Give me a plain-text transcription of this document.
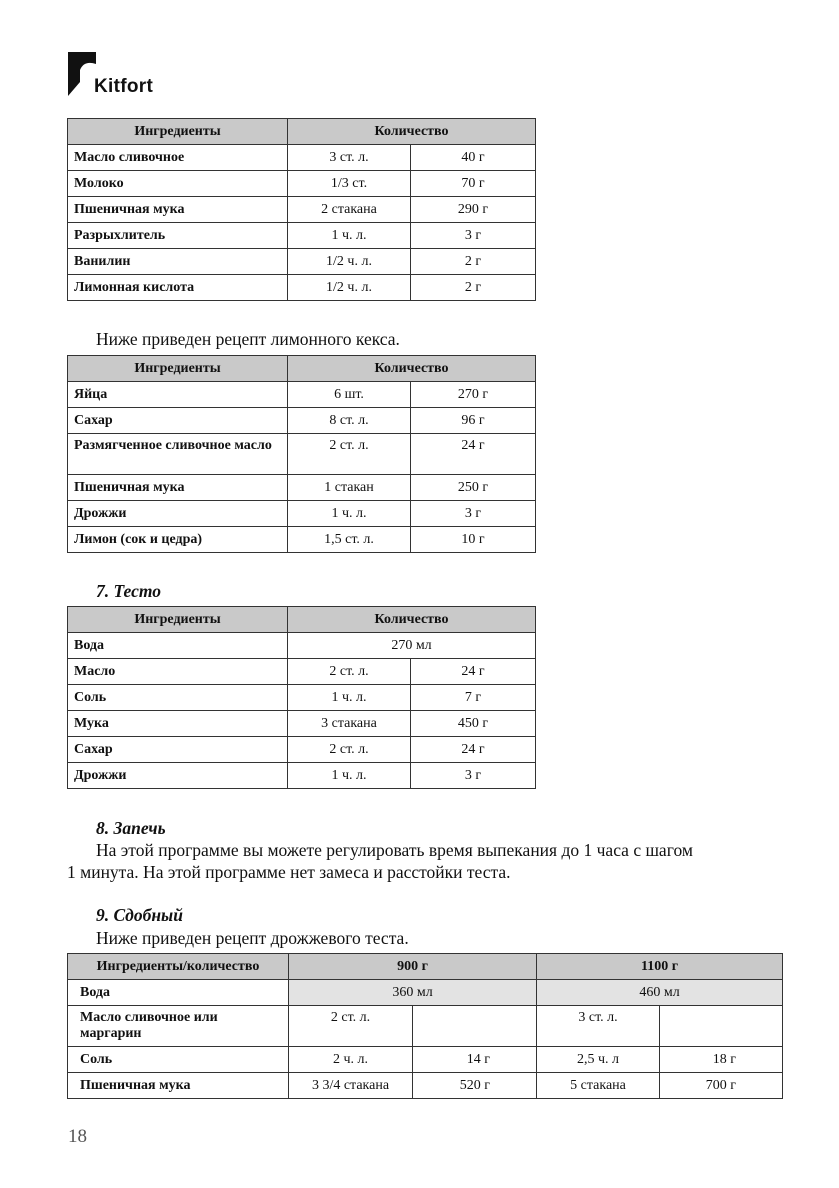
Kitfort
Ингредиенты	Количество	
Масло сливочное	3 ст. л.	40 г
Молоко	1/3 ст.	70 г
Пшеничная мука	2 стакана	290 г
Разрыхлитель	1 ч. л.	3 г
Ванилин	1/2 ч. л.	2 г
Лимонная кислота	1/2 ч. л.	2 г
Ниже приведен рецепт лимонного кекса.
Ингредиенты	Количество	
Яйца	6 шт.	270 г
Сахар	8 ст. л.	96 г
Размягченное сливочное масло	2 ст. л.	24 г
Пшеничная мука	1 стакан	250 г
Дрожжи	1 ч. л.	3 г
Лимон (сок и цедра)	1,5 ст. л.	10 г
7. Тесто
Ингредиенты	Количество	
Вода	270 мл	
Масло	2 ст. л.	24 г
Соль	1 ч. л.	7 г
Мука	3 стакана	450 г
Сахар	2 ст. л.	24 г
Дрожжи	1 ч. л.	3 г
8. Запечь
На этой программе вы можете регулировать время выпекания до 1 часа с шагом
1 минута. На этой программе нет замеса и расстойки теста.
9. Сдобный
Ниже приведен рецепт дрожжевого теста.
Ингредиенты/количество	900 г		1100 г	
Вода	360 мл		460 мл	
Масло сливочное или маргарин	2 ст. л.		3 ст. л.	
Соль	2 ч. л.	14 г	2,5 ч. л	18 г
Пшеничная мука	3 3/4 стакана	520 г	5 стакана	700 г
18
